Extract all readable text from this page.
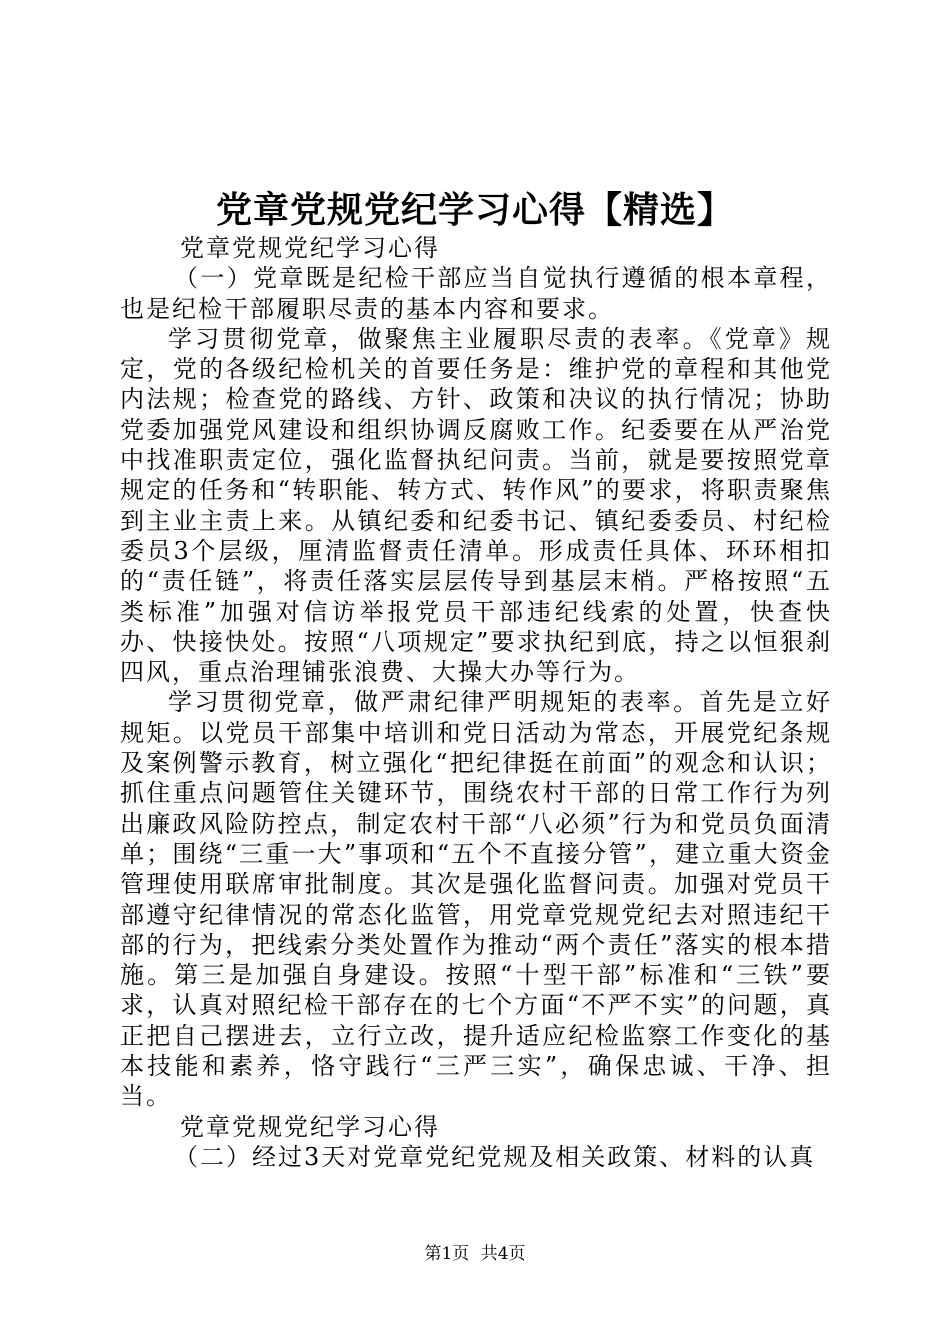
党章党规党纪学习心得【精选】

党章党规党纪学习心得

（一）党章既是纪检干部应当自觉执行遵循的根本章程，也是纪检干部履职尽责的基本内容和要求。

学习贯彻党章，做聚焦主业履职尽责的表率。《党章》规定，党的各级纪检机关的首要任务是：维护党的章程和其他党内法规；检查党的路线、方针、政策和决议的执行情况；协助党委加强党风建设和组织协调反腐败工作。纪委要在从严治党中找准职责定位，强化监督执纪问责。当前，就是要按照党章规定的任务和“转职能、转方式、转作风”的要求，将职责聚焦到主业主责上来。从镇纪委和纪委书记、镇纪委委员、村纪检委员3个层级，厘清监督责任清单。形成责任具体、环环相扣的“责任链”，将责任落实层层传导到基层末梢。严格按照“五类标准”加强对信访举报党员干部违纪线索的处置，快查快办、快接快处。按照“八项规定”要求执纪到底，持之以恒狠刹四风，重点治理铺张浪费、大操大办等行为。

学习贯彻党章，做严肃纪律严明规矩的表率。首先是立好规矩。以党员干部集中培训和党日活动为常态，开展党纪条规及案例警示教育，树立强化“把纪律挺在前面”的观念和认识；抓住重点问题管住关键环节，围绕农村干部的日常工作行为列出廉政风险防控点，制定农村干部“八必须”行为和党员负面清单；围绕“三重一大”事项和“五个不直接分管”，建立重大资金管理使用联席审批制度。其次是强化监督问责。加强对党员干部遵守纪律情况的常态化监管，用党章党规党纪去对照违纪干部的行为，把线索分类处置作为推动“两个责任”落实的根本措施。第三是加强自身建设。按照“十型干部”标准和“三铁”要求，认真对照纪检干部存在的七个方面“不严不实”的问题，真正把自己摆进去，立行立改，提升适应纪检监察工作变化的基本技能和素养，恪守践行“三严三实”，确保忠诚、干净、担当。

党章党规党纪学习心得

（二）经过3天对党章党纪党规及相关政策、材料的认真

第1页 共4页
